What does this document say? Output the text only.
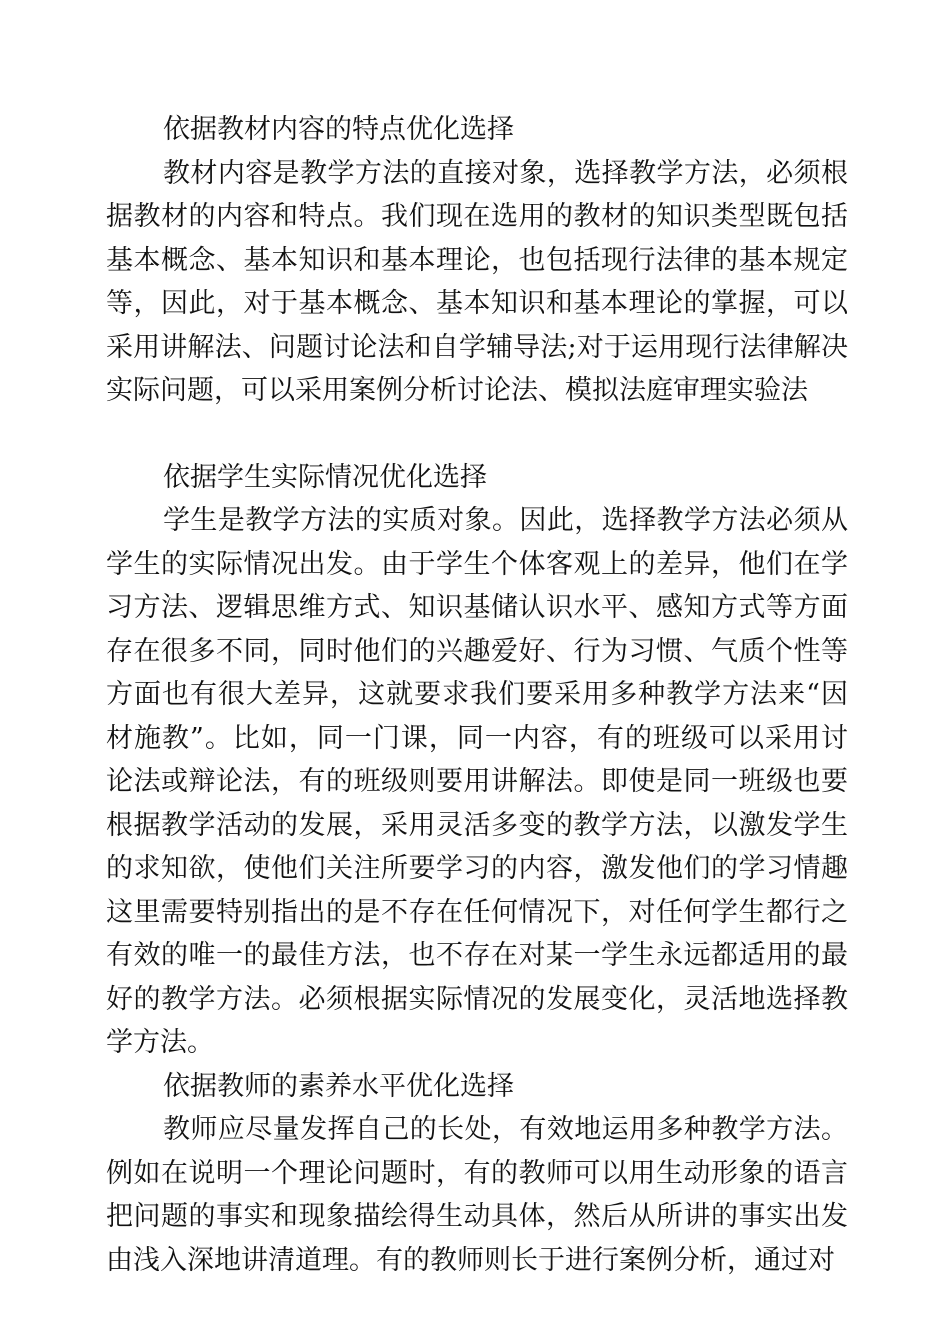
依据教材内容的特点优化选择

教材内容是教学方法的直接对象，选择教学方法，必须根据教材的内容和特点。我们现在选用的教材的知识类型既包括基本概念、基本知识和基本理论，也包括现行法律的基本规定等，因此，对于基本概念、基本知识和基本理论的掌握，可以采用讲解法、问题讨论法和自学辅导法;对于运用现行法律解决实际问题，可以采用案例分析讨论法、模拟法庭审理实验法

依据学生实际情况优化选择

学生是教学方法的实质对象。因此，选择教学方法必须从学生的实际情况出发。由于学生个体客观上的差异，他们在学习方法、逻辑思维方式、知识基储认识水平、感知方式等方面存在很多不同，同时他们的兴趣爱好、行为习惯、气质个性等方面也有很大差异，这就要求我们要采用多种教学方法来“因材施教”。比如，同一门课，同一内容，有的班级可以采用讨论法或辩论法，有的班级则要用讲解法。即使是同一班级也要根据教学活动的发展，采用灵活多变的教学方法，以激发学生的求知欲，使他们关注所要学习的内容，激发他们的学习情趣这里需要特别指出的是不存在任何情况下，对任何学生都行之有效的唯一的最佳方法，也不存在对某一学生永远都适用的最好的教学方法。必须根据实际情况的发展变化，灵活地选择教学方法。

依据教师的素养水平优化选择

教师应尽量发挥自己的长处，有效地运用多种教学方法。例如在说明一个理论问题时，有的教师可以用生动形象的语言把问题的事实和现象描绘得生动具体，然后从所讲的事实出发由浅入深地讲清道理。有的教师则长于进行案例分析，通过对
